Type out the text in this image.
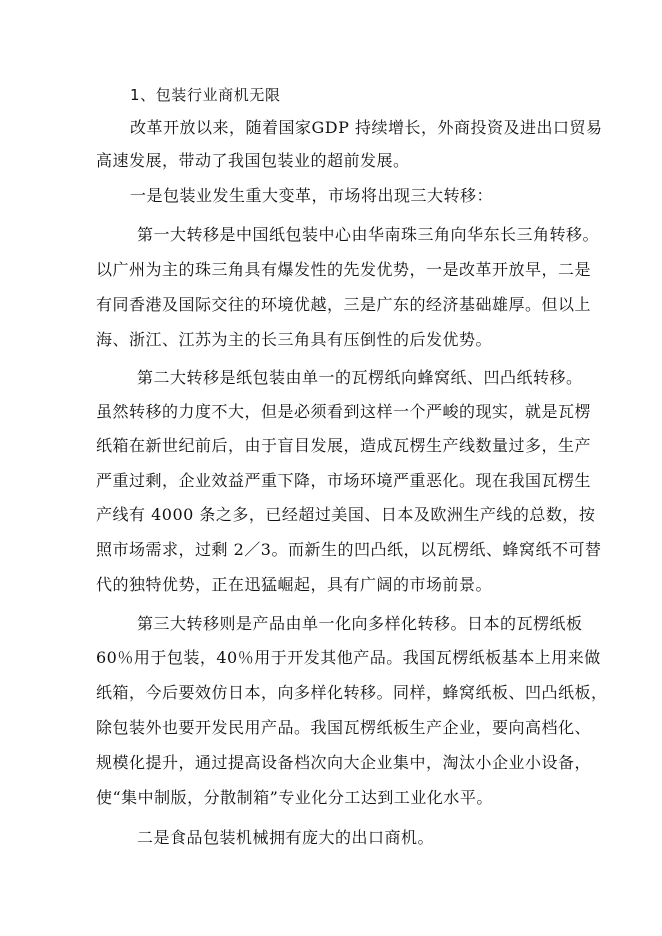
1、包装行业商机无限
改革开放以来，随着国家GDP 持续增长，外商投资及进出口贸易
高速发展，带动了我国包装业的超前发展。
一是包装业发生重大变革，市场将出现三大转移：
第一大转移是中国纸包装中心由华南珠三角向华东长三角转移。
以广州为主的珠三角具有爆发性的先发优势，一是改革开放早，二是
有同香港及国际交往的环境优越，三是广东的经济基础雄厚。但以上
海、浙江、江苏为主的长三角具有压倒性的后发优势。
第二大转移是纸包装由单一的瓦楞纸向蜂窝纸、凹凸纸转移。
虽然转移的力度不大，但是必须看到这样一个严峻的现实，就是瓦楞
纸箱在新世纪前后，由于盲目发展，造成瓦楞生产线数量过多，生产
严重过剩，企业效益严重下降，市场环境严重恶化。现在我国瓦楞生
产线有 4000 条之多，已经超过美国、日本及欧洲生产线的总数，按
照市场需求，过剩 2／3。而新生的凹凸纸，以瓦楞纸、蜂窝纸不可替
代的独特优势，正在迅猛崛起，具有广阔的市场前景。
第三大转移则是产品由单一化向多样化转移。日本的瓦楞纸板
60％用于包装，40％用于开发其他产品。我国瓦楞纸板基本上用来做
纸箱，今后要效仿日本，向多样化转移。同样，蜂窝纸板、凹凸纸板，
除包装外也要开发民用产品。我国瓦楞纸板生产企业，要向高档化、
规模化提升，通过提高设备档次向大企业集中，淘汰小企业小设备，
使“集中制版，分散制箱”专业化分工达到工业化水平。
二是食品包装机械拥有庞大的出口商机。
